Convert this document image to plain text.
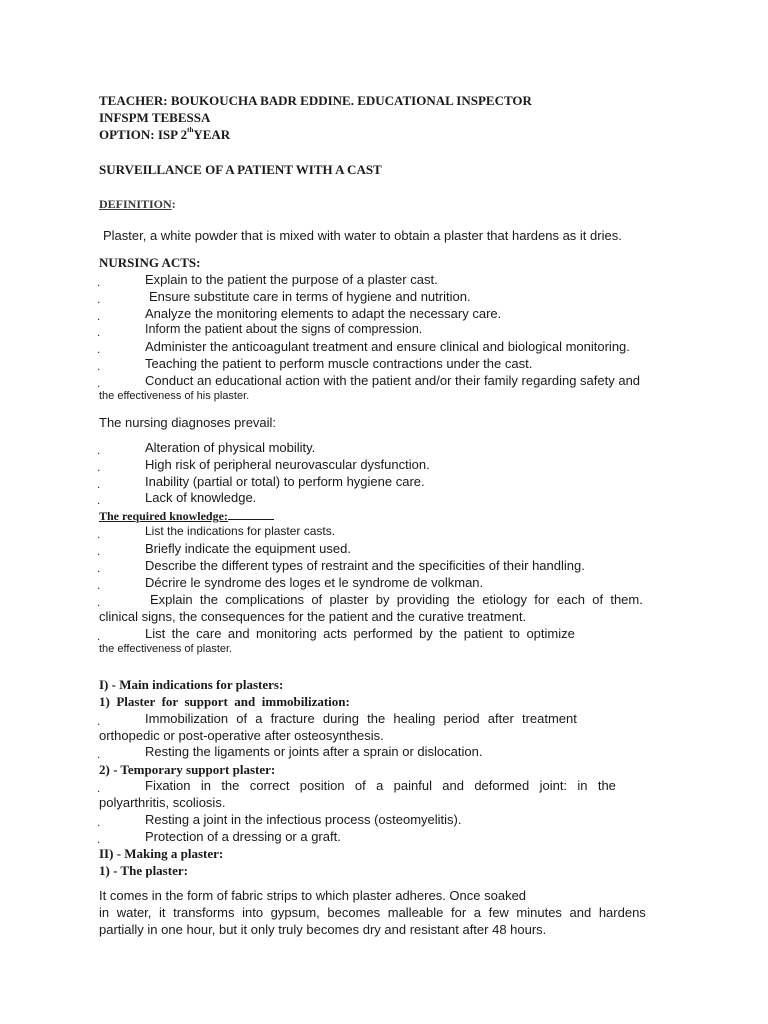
TEACHER: BOUKOUCHA BADR EDDINE. EDUCATIONAL INSPECTOR
INFSPM TEBESSA
OPTION: ISP 2thYEAR
SURVEILLANCE OF A PATIENT WITH A CAST
DEFINITION:
Plaster, a white powder that is mixed with water to obtain a plaster that hardens as it dries.
NURSING ACTS:
.	Explain to the patient the purpose of a plaster cast.
.	Ensure substitute care in terms of hygiene and nutrition.
.	Analyze the monitoring elements to adapt the necessary care.
.	Inform the patient about the signs of compression.
.	Administer the anticoagulant treatment and ensure clinical and biological monitoring.
.	Teaching the patient to perform muscle contractions under the cast.
.	Conduct an educational action with the patient and/or their family regarding safety and
the effectiveness of his plaster.
The nursing diagnoses prevail:
.	Alteration of physical mobility.
.	High risk of peripheral neurovascular dysfunction.
.	Inability (partial or total) to perform hygiene care.
.	Lack of knowledge.
The required knowledge:
.	List the indications for plaster casts.
.	Briefly indicate the equipment used.
.	Describe the different types of restraint and the specificities of their handling.
.	Décrire le syndrome des loges et le syndrome de volkman.
.	Explain the complications of plaster by providing the etiology for each of them.
clinical signs, the consequences for the patient and the curative treatment.
.	List the care and monitoring acts performed by the patient to optimize
the effectiveness of plaster.
I) - Main indications for plasters:
1)  Plaster  for  support  and  immobilization:
.	Immobilization of a fracture during the healing period after treatment
orthopedic or post-operative after osteosynthesis.
.	Resting the ligaments or joints after a sprain or dislocation.
2) - Temporary support plaster:
.	Fixation in the correct position of a painful and deformed joint: in the
polyarthritis, scoliosis.
.	Resting a joint in the infectious process (osteomyelitis).
.	Protection of a dressing or a graft.
II) - Making a plaster:
1) - The plaster:
It comes in the form of fabric strips to which plaster adheres. Once soaked
in water, it transforms into gypsum, becomes malleable for a few minutes and hardens
partially in one hour, but it only truly becomes dry and resistant after 48 hours.
